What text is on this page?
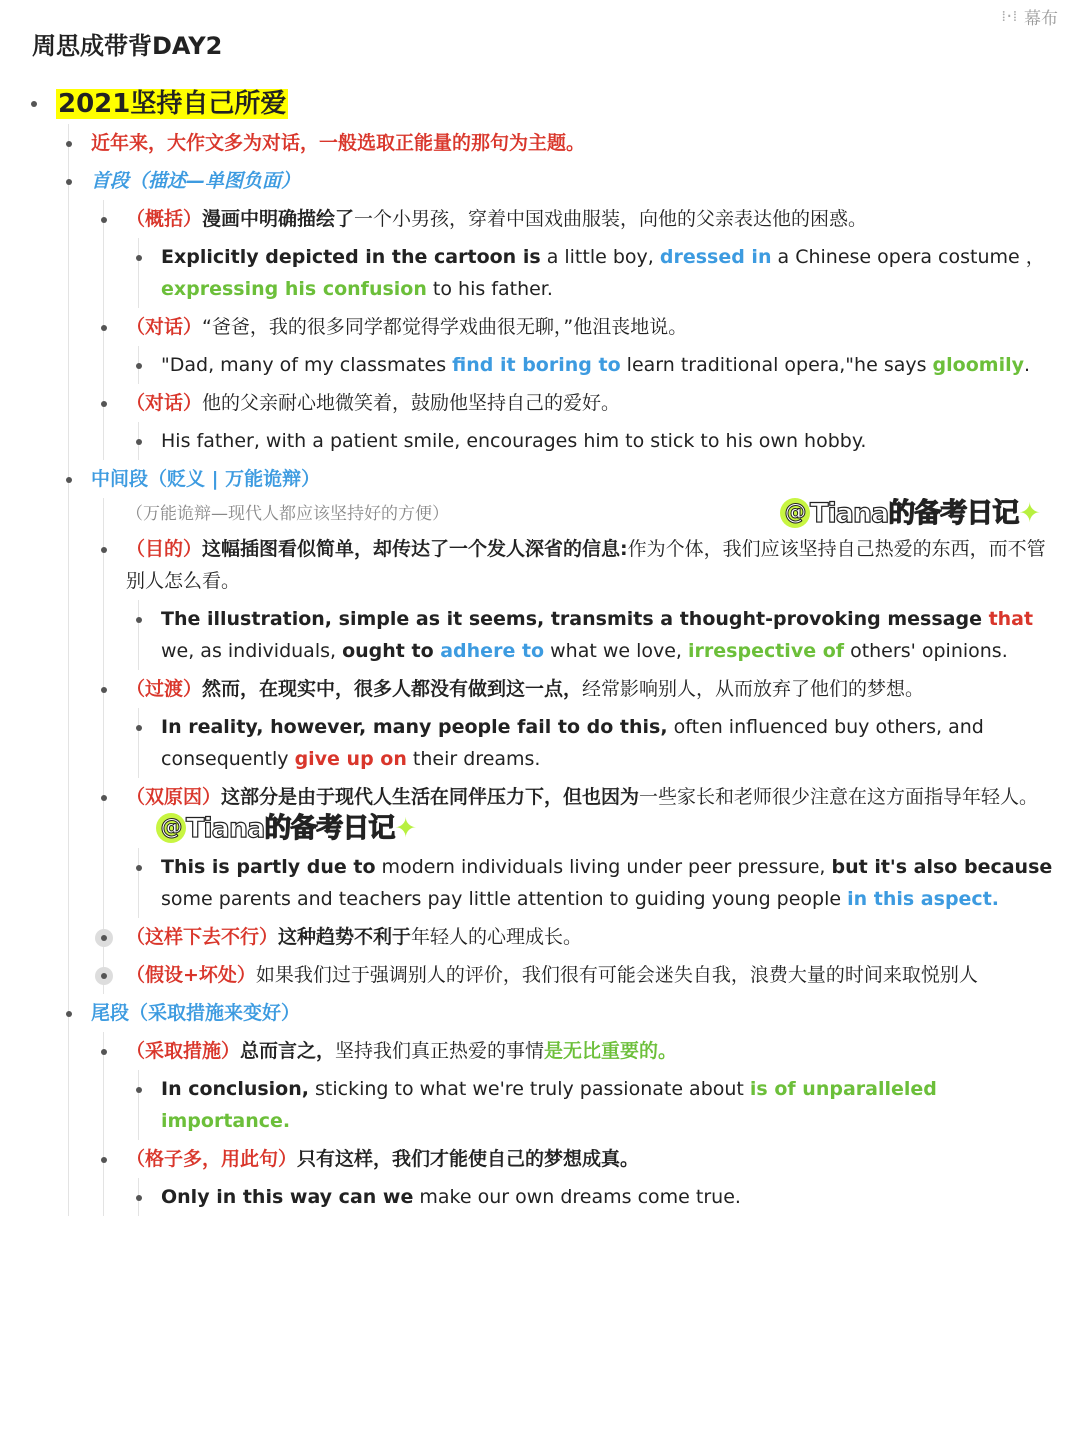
⁞·⁞ 幕布
周思成带背DAY2
2021坚持自己所爱
近年来，大作文多为对话，一般选取正能量的那句为主题。
首段（描述—单图负面）
（概括）漫画中明确描绘了一个小男孩，穿着中国戏曲服装，向他的父亲表达他的困惑。
Explicitly depicted in the cartoon is a little boy, dressed in a Chinese opera costume ，expressing his confusion to his father.
（对话）“爸爸，我的很多同学都觉得学戏曲很无聊，”他沮丧地说。
"Dad, many of my classmates find it boring to learn traditional opera,"he says gloomily.
（对话）他的父亲耐心地微笑着，鼓励他坚持自己的爱好。
His father, with a patient smile, encourages him to stick to his own hobby.
中间段（贬义 | 万能诡辩）
@ Tiana的备考日记✦
（万能诡辩—现代人都应该坚持好的方便）
（目的）这幅插图看似简单，却传达了一个发人深省的信息:作为个体，我们应该坚持自己热爱的东西，而不管别人怎么看。
The illustration, simple as it seems, transmits a thought-provoking message that we, as individuals, ought to adhere to what we love, irrespective of others' opinions.
（过渡）然而，在现实中，很多人都没有做到这一点，经常影响别人，从而放弃了他们的梦想。
In reality, however, many people fail to do this, often influenced buy others, and consequently give up on their dreams.
（双原因）这部分是由于现代人生活在同伴压力下，但也因为一些家长和老师很少注意在这方面指导年轻人。@ Tiana的备考日记✦
This is partly due to modern individuals living under peer pressure, but it's also because some parents and teachers pay little attention to guiding young people in this aspect.
（这样下去不行）这种趋势不利于年轻人的心理成长。
（假设+坏处）如果我们过于强调别人的评价，我们很有可能会迷失自我，浪费大量的时间来取悦别人
尾段（采取措施来变好）
（采取措施）总而言之，坚持我们真正热爱的事情是无比重要的。
In conclusion, sticking to what we're truly passionate about is of unparalleled importance.
（格子多，用此句）只有这样，我们才能使自己的梦想成真。
Only in this way can we make our own dreams come true.
